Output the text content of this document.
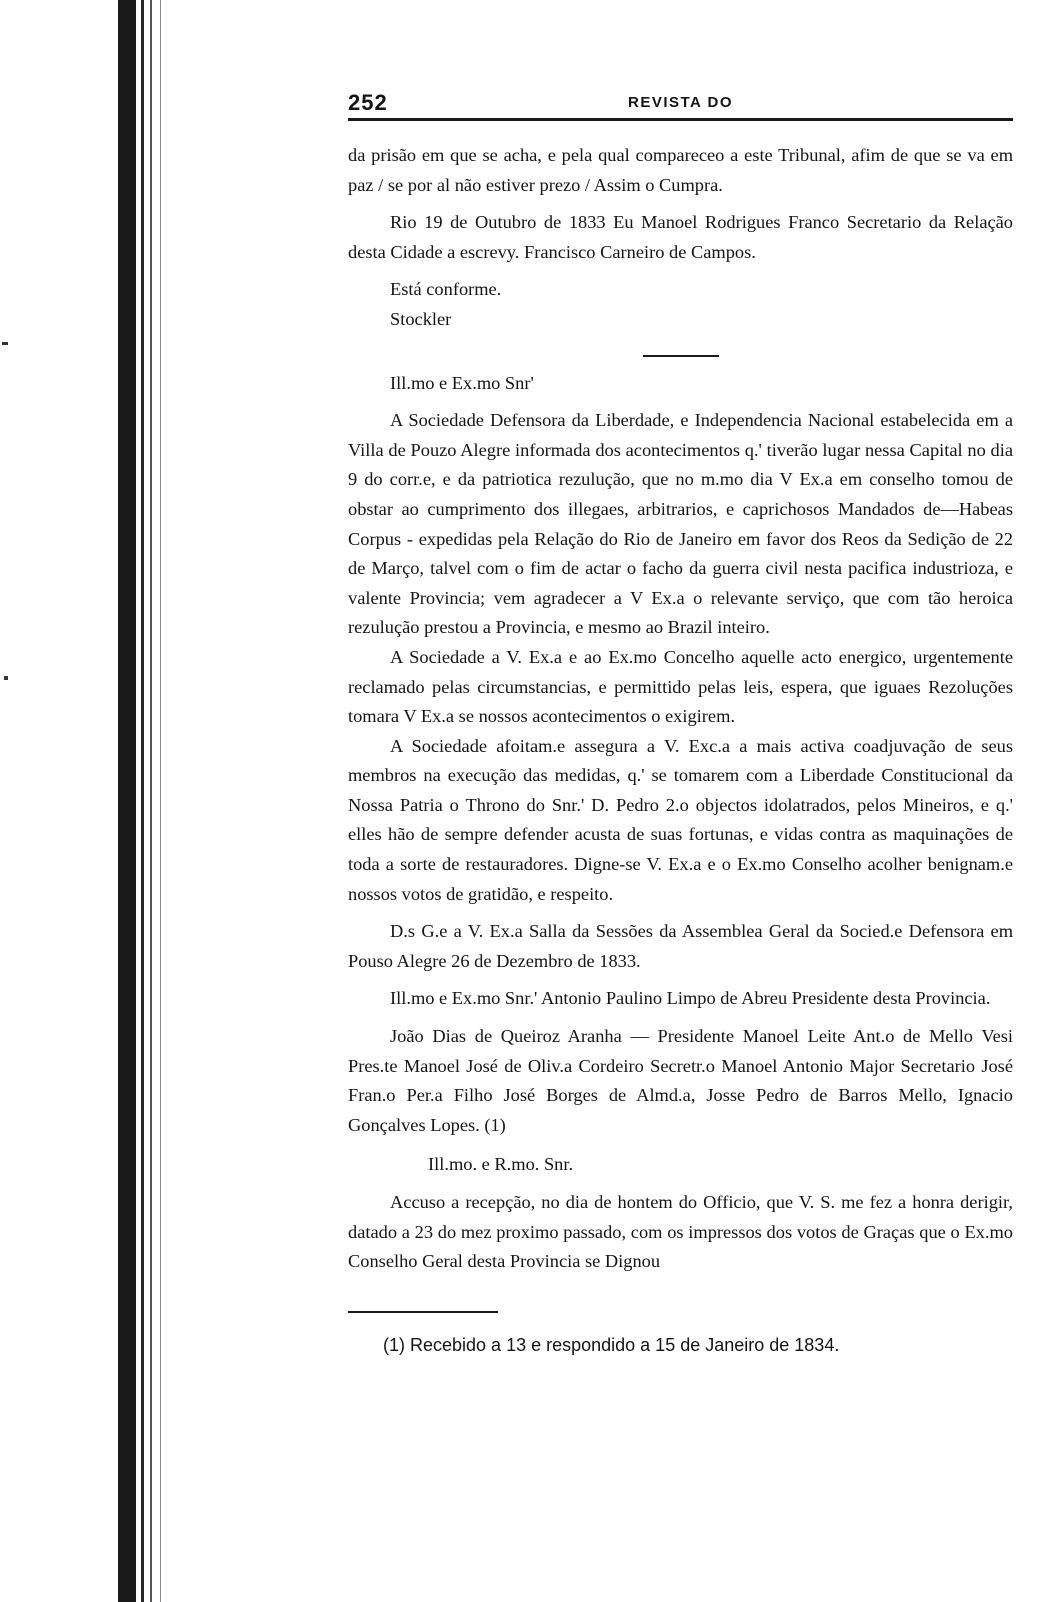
252	REVISTA DO

da prisão em que se acha, e pela qual compareceo a este Tribunal, afim de que se va em paz / se por al não estiver prezo / Assim o Cumpra.

Rio 19 de Outubro de 1833 Eu Manoel Rodrigues Franco Secretario da Relação desta Cidade a escrevy. Francisco Carneiro de Campos.

Está conforme.

Stockler

Ill.mo e Ex.mo Snr'

A Sociedade Defensora da Liberdade, e Independencia Nacional estabelecida em a Villa de Pouzo Alegre informada dos acontecimentos q.' tiverão lugar nessa Capital no dia 9 do corr.e, e da patriotica rezulução, que no m.mo dia V Ex.a em conselho tomou de obstar ao cumprimento dos illegaes, arbitrarios, e caprichosos Mandados de—Habeas Corpus - expedidas pela Relação do Rio de Janeiro em favor dos Reos da Sedição de 22 de Março, talvel com o fim de actar o facho da guerra civil nesta pacifica industrioza, e valente Provincia; vem agradecer a V Ex.a o relevante serviço, que com tão heroica rezulução prestou a Provincia, e mesmo ao Brazil inteiro.

A Sociedade a V. Ex.a e ao Ex.mo Concelho aquelle acto energico, urgentemente reclamado pelas circumstancias, e permittido pelas leis, espera, que iguaes Rezoluções tomara V Ex.a se nossos acontecimentos o exigirem.

A Sociedade afoitam.e assegura a V. Exc.a a mais activa coadjuvação de seus membros na execução das medidas, q.' se tomarem com a Liberdade Constitucional da Nossa Patria o Throno do Snr.' D. Pedro 2.o objectos idolatrados, pelos Mineiros, e q.' elles hão de sempre defender acusta de suas fortunas, e vidas contra as maquinações de toda a sorte de restauradores. Digne-se V. Ex.a e o Ex.mo Conselho acolher benignam.e nossos votos de gratidão, e respeito.

D.s G.e a V. Ex.a Salla da Sessões da Assemblea Geral da Socied.e Defensora em Pouso Alegre 26 de Dezembro de 1833.

Ill.mo e Ex.mo Snr.' Antonio Paulino Limpo de Abreu Presidente desta Provincia.

João Dias de Queiroz Aranha — Presidente Manoel Leite Ant.o de Mello Vesi Pres.te Manoel José de Oliv.a Cordeiro Secretr.o Manoel Antonio Major Secretario José Fran.o Per.a Filho José Borges de Almd.a, Josse Pedro de Barros Mello, Ignacio Gonçalves Lopes. (1)

Ill.mo. e R.mo. Snr.

Accuso a recepção, no dia de hontem do Officio, que V. S. me fez a honra derigir, datado a 23 do mez proximo passado, com os impressos dos votos de Graças que o Ex.mo Conselho Geral desta Provincia se Dignou

(1) Recebido a 13 e respondido a 15 de Janeiro de 1834.
